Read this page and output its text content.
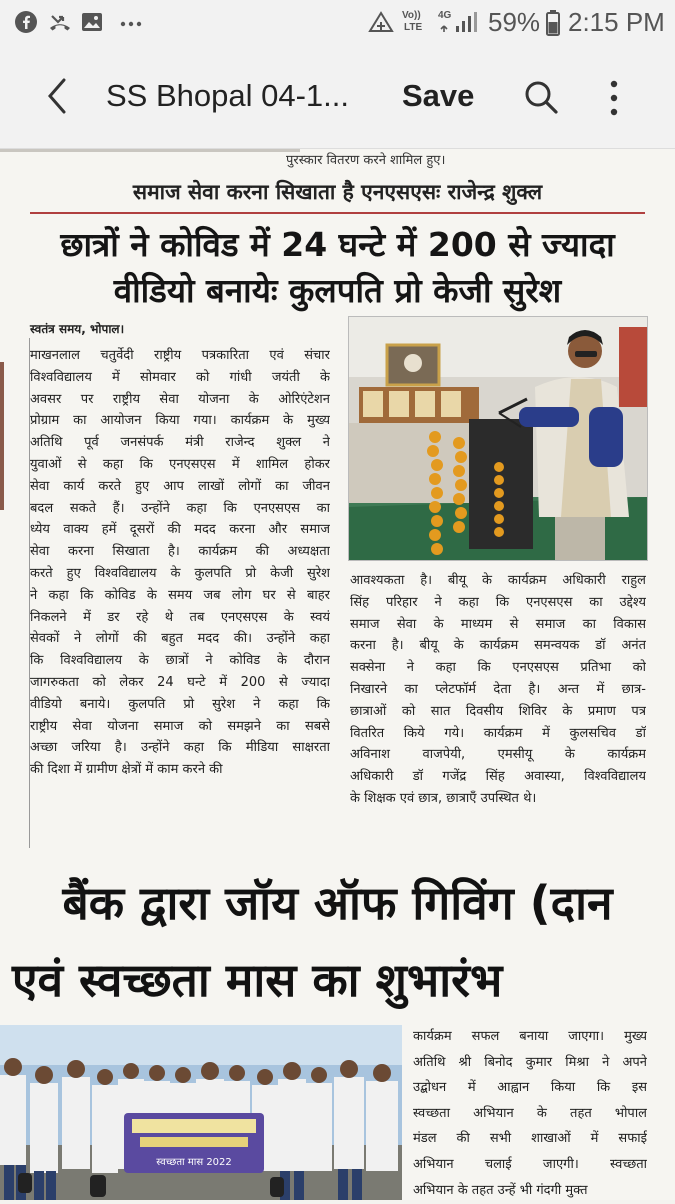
Vo))
LTE
4G 59% 2:15 PM
SS Bhopal 04-1... Save
पुरस्कार वितरण करने शामिल हुए।
समाज सेवा करना सिखाता है एनएसएसः राजेन्द्र शुक्ल
छात्रों ने कोविड में 24 घन्टे में 200 से ज्यादा
वीडियो बनायेः कुलपति प्रो केजी सुरेश
स्वतंत्र समय, भोपाल।
माखनलाल चतुर्वेदी राष्ट्रीय पत्रकारिता एवं संचार
विश्वविद्यालय में सोमवार को गांधी जयंती के
अवसर पर राष्ट्रीय सेवा योजना के ओरिएंटेशन
प्रोग्राम का आयोजन किया गया। कार्यक्रम के मुख्य
अतिथि पूर्व जनसंपर्क मंत्री राजेन्द शुक्ल ने
युवाओं से कहा कि एनएसएस में शामिल होकर
सेवा कार्य करते हुए आप लाखों लोगों का जीवन
बदल सकते हैं। उन्होंने कहा कि एनएसएस का
ध्येय वाक्य हमें दूसरों की मदद करना और समाज
सेवा करना सिखाता है। कार्यक्रम की अध्यक्षता
करते हुए विश्वविद्यालय के कुलपति प्रो केजी सुरेश
ने कहा कि कोविड के समय जब लोग घर से बाहर
निकलने में डर रहे थे तब एनएसएस के स्वयं
सेवकों ने लोगों की बहुत मदद की। उन्होंने कहा
कि विश्वविद्यालय के छात्रों ने कोविड के दौरान
जागरुकता को लेकर 24 घन्टे में 200 से ज्यादा
वीडियो बनाये। कुलपति प्रो सुरेश ने कहा कि
राष्ट्रीय सेवा योजना समाज को समझने का सबसे
अच्छा जरिया है। उन्होंने कहा कि मीडिया साक्षरता
की दिशा में ग्रामीण क्षेत्रों में काम करने की
आवश्यकता है। बीयू के कार्यक्रम अधिकारी राहुल
सिंह परिहार ने कहा कि एनएसएस का उद्देश्य
समाज सेवा के माध्यम से समाज का विकास
करना है। बीयू के कार्यक्रम समन्वयक डॉ अनंत
सक्सेना ने कहा कि एनएसएस प्रतिभा को
निखारने का प्लेटफॉर्म देता है। अन्त में छात्र-
छात्राओं को सात दिवसीय शिविर के प्रमाण पत्र
वितरित किये गये। कार्यक्रम में कुलसचिव डॉ
अविनाश वाजपेयी, एमसीयू के कार्यक्रम
अधिकारी डॉ गजेंद्र सिंह अवास्या, विश्वविद्यालय
के शिक्षक एवं छात्र, छात्राएँ उपस्थित थे।
बैंक द्वारा जॉय ऑफ गिविंग (दान
एवं स्वच्छता मास का शुभारंभ
स्वच्छता मास 2022
कार्यक्रम सफल बनाया जाएगा। मुख्य
अतिथि श्री बिनोद कुमार मिश्रा ने अपने
उद्बोधन में आह्वान किया कि इस
स्वच्छता अभियान के तहत भोपाल
मंडल की सभी शाखाओं में सफाई
अभियान चलाई जाएगी। स्वच्छता
अभियान के तहत उन्हें भी गंदगी मुक्त
